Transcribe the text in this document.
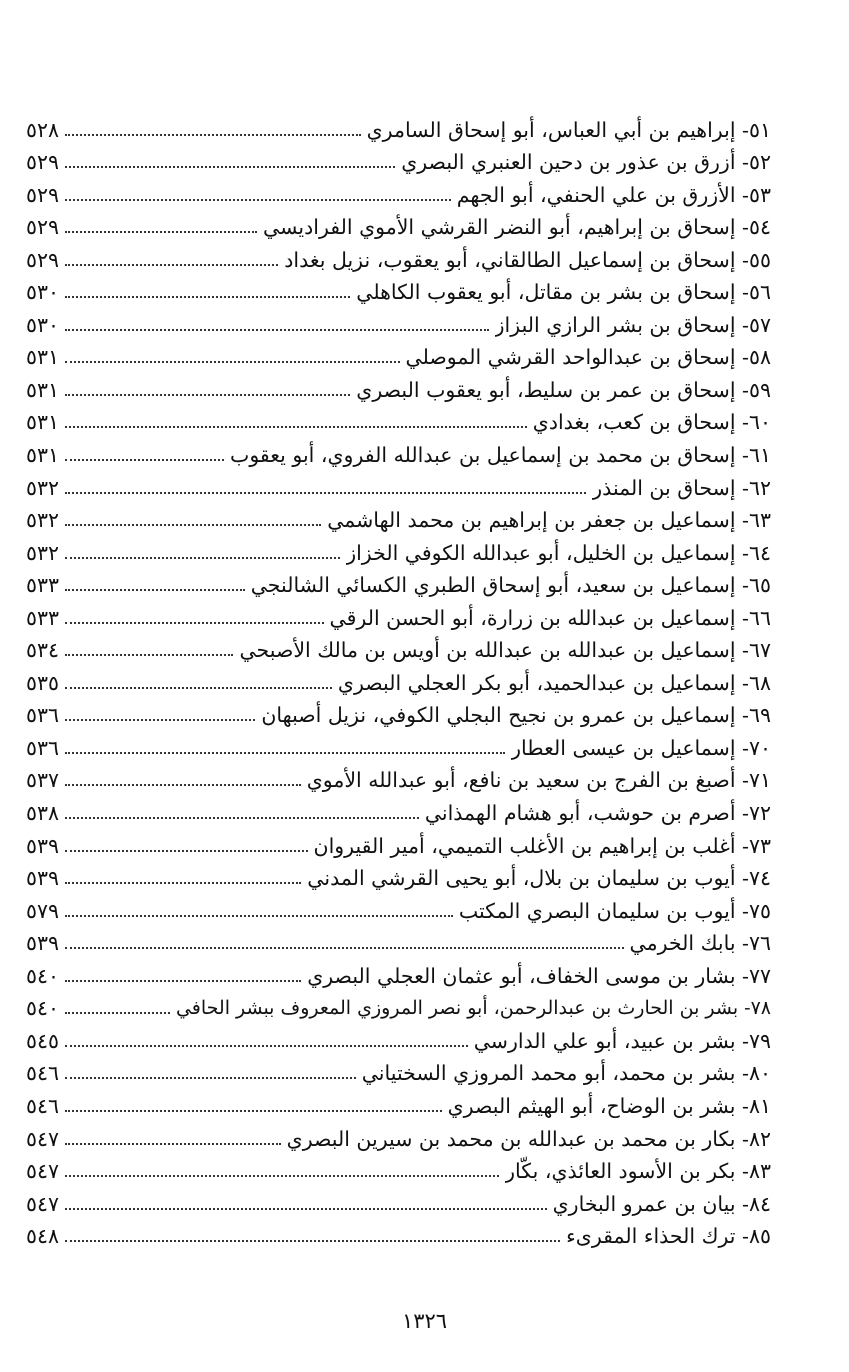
٥١- إبراهيم بن أبي العباس، أبو إسحاق السامري
٥٢٨
٥٢- أزرق بن عذور بن دحين العنبري البصري
٥٢٩
٥٣- الأزرق بن علي الحنفي، أبو الجهم
٥٢٩
٥٤- إسحاق بن إبراهيم، أبو النضر القرشي الأموي الفراديسي
٥٢٩
٥٥- إسحاق بن إسماعيل الطالقاني، أبو يعقوب، نزيل بغداد
٥٢٩
٥٦- إسحاق بن بشر بن مقاتل، أبو يعقوب الكاهلي
٥٣٠
٥٧- إسحاق بن بشر الرازي البزاز
٥٣٠
٥٨- إسحاق بن عبدالواحد القرشي الموصلي
٥٣١
٥٩- إسحاق بن عمر بن سليط، أبو يعقوب البصري
٥٣١
٦٠- إسحاق بن كعب، بغدادي
٥٣١
٦١- إسحاق بن محمد بن إسماعيل بن عبدالله الفروي، أبو يعقوب
٥٣١
٦٢- إسحاق بن المنذر
٥٣٢
٦٣- إسماعيل بن جعفر بن إبراهيم بن محمد الهاشمي
٥٣٢
٦٤- إسماعيل بن الخليل، أبو عبدالله الكوفي الخزاز
٥٣٢
٦٥- إسماعيل بن سعيد، أبو إسحاق الطبري الكسائي الشالنجي
٥٣٣
٦٦- إسماعيل بن عبدالله بن زرارة، أبو الحسن الرقي
٥٣٣
٦٧- إسماعيل بن عبدالله بن عبدالله بن أويس بن مالك الأصبحي
٥٣٤
٦٨- إسماعيل بن عبدالحميد، أبو بكر العجلي البصري
٥٣٥
٦٩- إسماعيل بن عمرو بن نجيح البجلي الكوفي، نزيل أصبهان
٥٣٦
٧٠- إسماعيل بن عيسى العطار
٥٣٦
٧١- أصبغ بن الفرج بن سعيد بن نافع، أبو عبدالله الأموي
٥٣٧
٧٢- أصرم بن حوشب، أبو هشام الهمذاني
٥٣٨
٧٣- أغلب بن إبراهيم بن الأغلب التميمي، أمير القيروان
٥٣٩
٧٤- أيوب بن سليمان بن بلال، أبو يحيى القرشي المدني
٥٣٩
٧٥- أيوب بن سليمان البصري المكتب
٥٧٩
٧٦- بابك الخرمي
٥٣٩
٧٧- بشار بن موسى الخفاف، أبو عثمان العجلي البصري
٥٤٠
٧٨- بشر بن الحارث بن عبدالرحمن، أبو نصر المروزي المعروف ببشر الحافي
٥٤٠
٧٩- بشر بن عبيد، أبو علي الدارسي
٥٤٥
٨٠- بشر بن محمد، أبو محمد المروزي السختياني
٥٤٦
٨١- بشر بن الوضاح، أبو الهيثم البصري
٥٤٦
٨٢- بكار بن محمد بن عبدالله بن محمد بن سيرين البصري
٥٤٧
٨٣- بكر بن الأسود العائذي، بكّار
٥٤٧
٨٤- بيان بن عمرو البخاري
٥٤٧
٨٥- ترك الحذاء المقرىء
٥٤٨
١٣٢٦
